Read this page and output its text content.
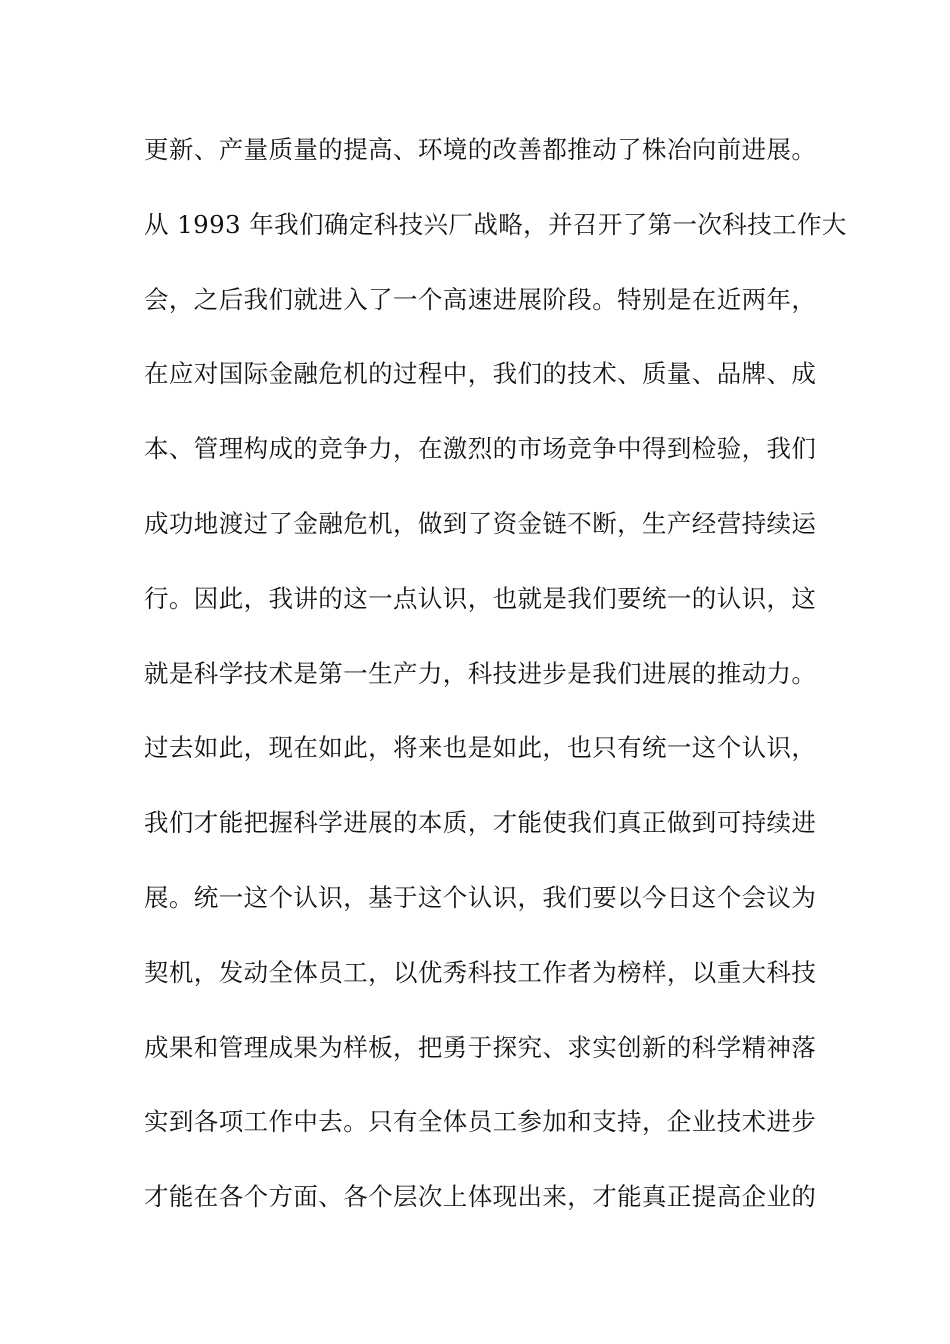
更新、产量质量的提高、环境的改善都推动了株冶向前进展。
从 1993 年我们确定科技兴厂战略，并召开了第一次科技工作大
会，之后我们就进入了一个高速进展阶段。特别是在近两年，
在应对国际金融危机的过程中，我们的技术、质量、品牌、成
本、管理构成的竞争力，在激烈的市场竞争中得到检验，我们
成功地渡过了金融危机，做到了资金链不断，生产经营持续运
行。因此，我讲的这一点认识，也就是我们要统一的认识，这
就是科学技术是第一生产力，科技进步是我们进展的推动力。
过去如此，现在如此，将来也是如此，也只有统一这个认识，
我们才能把握科学进展的本质，才能使我们真正做到可持续进
展。统一这个认识，基于这个认识，我们要以今日这个会议为
契机，发动全体员工，以优秀科技工作者为榜样，以重大科技
成果和管理成果为样板，把勇于探究、求实创新的科学精神落
实到各项工作中去。只有全体员工参加和支持，企业技术进步
才能在各个方面、各个层次上体现出来，才能真正提高企业的
